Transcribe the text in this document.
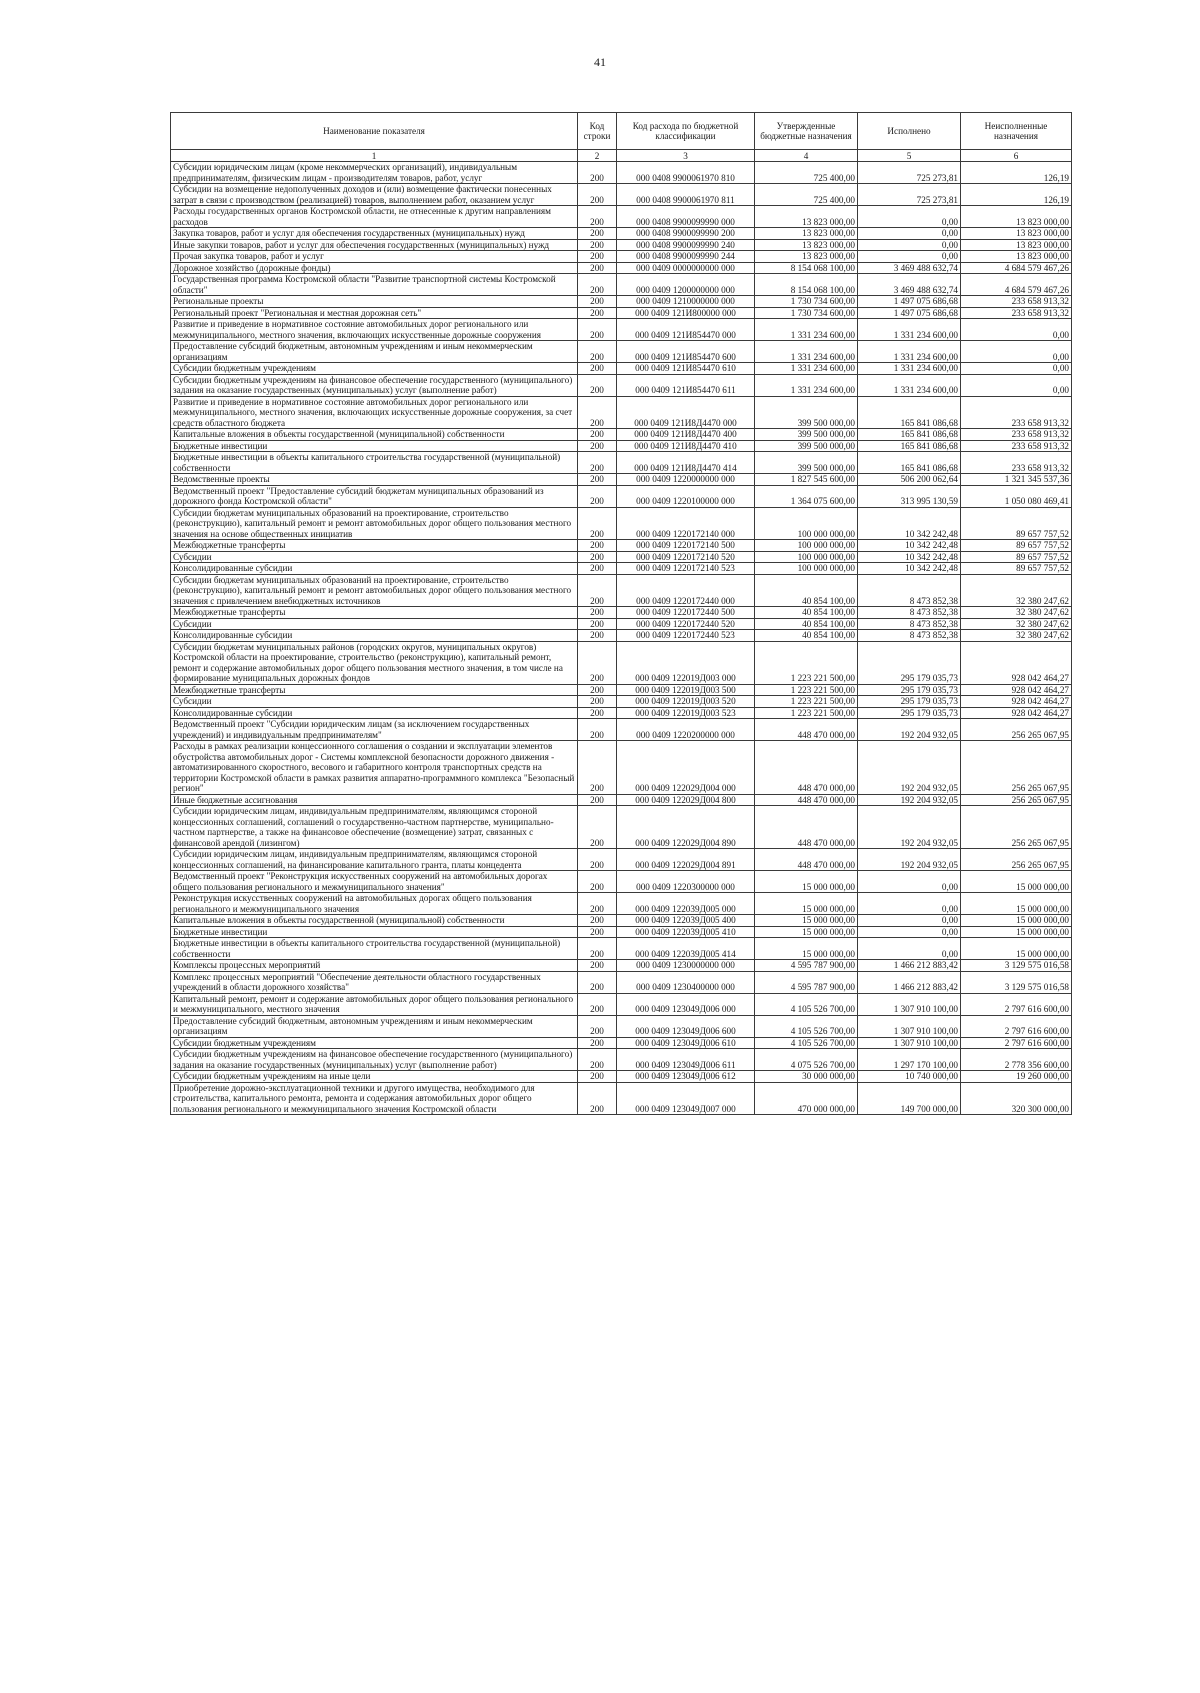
41
Наименование показателя	Код строки	Код расхода по бюджетной классификации	Утвержденные бюджетные назначения	Исполнено	Неисполненные назначения
1	2	3	4	5	6
Субсидии юридическим лицам (кроме некоммерческих организаций), индивидуальным предпринимателям, физическим лицам - производителям товаров, работ, услуг	200	000 0408 9900061970 810	725 400,00	725 273,81	126,19
Субсидии на возмещение недополученных доходов и (или) возмещение фактически понесенных затрат в связи с производством (реализацией) товаров, выполнением работ, оказанием услуг	200	000 0408 9900061970 811	725 400,00	725 273,81	126,19
Расходы государственных органов Костромской области, не отнесенные к другим направлениям расходов	200	000 0408 9900099990 000	13 823 000,00	0,00	13 823 000,00
Закупка товаров, работ и услуг для обеспечения государственных (муниципальных) нужд	200	000 0408 9900099990 200	13 823 000,00	0,00	13 823 000,00
Иные закупки товаров, работ и услуг для обеспечения государственных (муниципальных) нужд	200	000 0408 9900099990 240	13 823 000,00	0,00	13 823 000,00
Прочая закупка товаров, работ и услуг	200	000 0408 9900099990 244	13 823 000,00	0,00	13 823 000,00
Дорожное хозяйство (дорожные фонды)	200	000 0409 0000000000 000	8 154 068 100,00	3 469 488 632,74	4 684 579 467,26
Государственная программа Костромской области "Развитие транспортной системы Костромской области"	200	000 0409 1200000000 000	8 154 068 100,00	3 469 488 632,74	4 684 579 467,26
Региональные проекты	200	000 0409 1210000000 000	1 730 734 600,00	1 497 075 686,68	233 658 913,32
Региональный проект "Региональная и местная дорожная сеть"	200	000 0409 121И800000 000	1 730 734 600,00	1 497 075 686,68	233 658 913,32
Развитие и приведение в нормативное состояние автомобильных дорог регионального или межмуниципального, местного значения, включающих искусственные дорожные сооружения	200	000 0409 121И854470 000	1 331 234 600,00	1 331 234 600,00	0,00
Предоставление субсидий бюджетным, автономным учреждениям и иным некоммерческим организациям	200	000 0409 121И854470 600	1 331 234 600,00	1 331 234 600,00	0,00
Субсидии бюджетным учреждениям	200	000 0409 121И854470 610	1 331 234 600,00	1 331 234 600,00	0,00
Субсидии бюджетным учреждениям на финансовое обеспечение государственного (муниципального) задания на оказание государственных (муниципальных) услуг (выполнение работ)	200	000 0409 121И854470 611	1 331 234 600,00	1 331 234 600,00	0,00
Развитие и приведение в нормативное состояние автомобильных дорог регионального или межмуниципального, местного значения, включающих искусственные дорожные сооружения, за счет средств областного бюджета	200	000 0409 121И8Д4470 000	399 500 000,00	165 841 086,68	233 658 913,32
Капитальные вложения в объекты государственной (муниципальной) собственности	200	000 0409 121И8Д4470 400	399 500 000,00	165 841 086,68	233 658 913,32
Бюджетные инвестиции	200	000 0409 121И8Д4470 410	399 500 000,00	165 841 086,68	233 658 913,32
Бюджетные инвестиции в объекты капитального строительства государственной (муниципальной) собственности	200	000 0409 121И8Д4470 414	399 500 000,00	165 841 086,68	233 658 913,32
Ведомственные проекты	200	000 0409 1220000000 000	1 827 545 600,00	506 200 062,64	1 321 345 537,36
Ведомственный проект "Предоставление субсидий бюджетам муниципальных образований из дорожного фонда Костромской области"	200	000 0409 1220100000 000	1 364 075 600,00	313 995 130,59	1 050 080 469,41
Субсидии бюджетам муниципальных образований на проектирование, строительство (реконструкцию), капитальный ремонт и ремонт автомобильных дорог общего пользования местного значения на основе общественных инициатив	200	000 0409 1220172140 000	100 000 000,00	10 342 242,48	89 657 757,52
Межбюджетные трансферты	200	000 0409 1220172140 500	100 000 000,00	10 342 242,48	89 657 757,52
Субсидии	200	000 0409 1220172140 520	100 000 000,00	10 342 242,48	89 657 757,52
Консолидированные субсидии	200	000 0409 1220172140 523	100 000 000,00	10 342 242,48	89 657 757,52
Субсидии бюджетам муниципальных образований на проектирование, строительство (реконструкцию), капитальный ремонт и ремонт автомобильных дорог общего пользования местного значения с привлечением внебюджетных источников	200	000 0409 1220172440 000	40 854 100,00	8 473 852,38	32 380 247,62
Межбюджетные трансферты	200	000 0409 1220172440 500	40 854 100,00	8 473 852,38	32 380 247,62
Субсидии	200	000 0409 1220172440 520	40 854 100,00	8 473 852,38	32 380 247,62
Консолидированные субсидии	200	000 0409 1220172440 523	40 854 100,00	8 473 852,38	32 380 247,62
Субсидии бюджетам муниципальных районов (городских округов, муниципальных округов) Костромской области на проектирование, строительство (реконструкцию), капитальный ремонт, ремонт и содержание автомобильных дорог общего пользования местного значения, в том числе на формирование муниципальных дорожных фондов	200	000 0409 122019Д003 000	1 223 221 500,00	295 179 035,73	928 042 464,27
Межбюджетные трансферты	200	000 0409 122019Д003 500	1 223 221 500,00	295 179 035,73	928 042 464,27
Субсидии	200	000 0409 122019Д003 520	1 223 221 500,00	295 179 035,73	928 042 464,27
Консолидированные субсидии	200	000 0409 122019Д003 523	1 223 221 500,00	295 179 035,73	928 042 464,27
Ведомственный проект "Субсидии юридическим лицам (за исключением государственных учреждений) и индивидуальным предпринимателям"	200	000 0409 1220200000 000	448 470 000,00	192 204 932,05	256 265 067,95
Расходы в рамках реализации концессионного соглашения о создании и эксплуатации элементов обустройства автомобильных дорог - Системы комплексной безопасности дорожного движения - автоматизированного скоростного, весового и габаритного контроля транспортных средств на территории Костромской области в рамках развития аппаратно-программного комплекса "Безопасный регион"	200	000 0409 122029Д004 000	448 470 000,00	192 204 932,05	256 265 067,95
Иные бюджетные ассигнования	200	000 0409 122029Д004 800	448 470 000,00	192 204 932,05	256 265 067,95
Субсидии юридическим лицам, индивидуальным предпринимателям, являющимся стороной концессионных соглашений, соглашений о государственно-частном партнерстве, муниципально-частном партнерстве, а также на финансовое обеспечение (возмещение) затрат, связанных с финансовой арендой (лизингом)	200	000 0409 122029Д004 890	448 470 000,00	192 204 932,05	256 265 067,95
Субсидии юридическим лицам, индивидуальным предпринимателям, являющимся стороной концессионных соглашений, на финансирование капитального гранта, платы концедента	200	000 0409 122029Д004 891	448 470 000,00	192 204 932,05	256 265 067,95
Ведомственный проект "Реконструкция искусственных сооружений на автомобильных дорогах общего пользования регионального и межмуниципального значения"	200	000 0409 1220300000 000	15 000 000,00	0,00	15 000 000,00
Реконструкция искусственных сооружений на автомобильных дорогах общего пользования регионального и межмуниципального значения	200	000 0409 122039Д005 000	15 000 000,00	0,00	15 000 000,00
Капитальные вложения в объекты государственной (муниципальной) собственности	200	000 0409 122039Д005 400	15 000 000,00	0,00	15 000 000,00
Бюджетные инвестиции	200	000 0409 122039Д005 410	15 000 000,00	0,00	15 000 000,00
Бюджетные инвестиции в объекты капитального строительства государственной (муниципальной) собственности	200	000 0409 122039Д005 414	15 000 000,00	0,00	15 000 000,00
Комплексы процессных мероприятий	200	000 0409 1230000000 000	4 595 787 900,00	1 466 212 883,42	3 129 575 016,58
Комплекс процессных мероприятий "Обеспечение деятельности областного государственных учреждений в области дорожного хозяйства"	200	000 0409 1230400000 000	4 595 787 900,00	1 466 212 883,42	3 129 575 016,58
Капитальный ремонт, ремонт и содержание автомобильных дорог общего пользования регионального и межмуниципального, местного значения	200	000 0409 123049Д006 000	4 105 526 700,00	1 307 910 100,00	2 797 616 600,00
Предоставление субсидий бюджетным, автономным учреждениям и иным некоммерческим организациям	200	000 0409 123049Д006 600	4 105 526 700,00	1 307 910 100,00	2 797 616 600,00
Субсидии бюджетным учреждениям	200	000 0409 123049Д006 610	4 105 526 700,00	1 307 910 100,00	2 797 616 600,00
Субсидии бюджетным учреждениям на финансовое обеспечение государственного (муниципального) задания на оказание государственных (муниципальных) услуг (выполнение работ)	200	000 0409 123049Д006 611	4 075 526 700,00	1 297 170 100,00	2 778 356 600,00
Субсидии бюджетным учреждениям на иные цели	200	000 0409 123049Д006 612	30 000 000,00	10 740 000,00	19 260 000,00
Приобретение дорожно-эксплуатационной техники и другого имущества, необходимого для строительства, капитального ремонта, ремонта и содержания автомобильных дорог общего пользования регионального и межмуниципального значения Костромской области	200	000 0409 123049Д007 000	470 000 000,00	149 700 000,00	320 300 000,00
